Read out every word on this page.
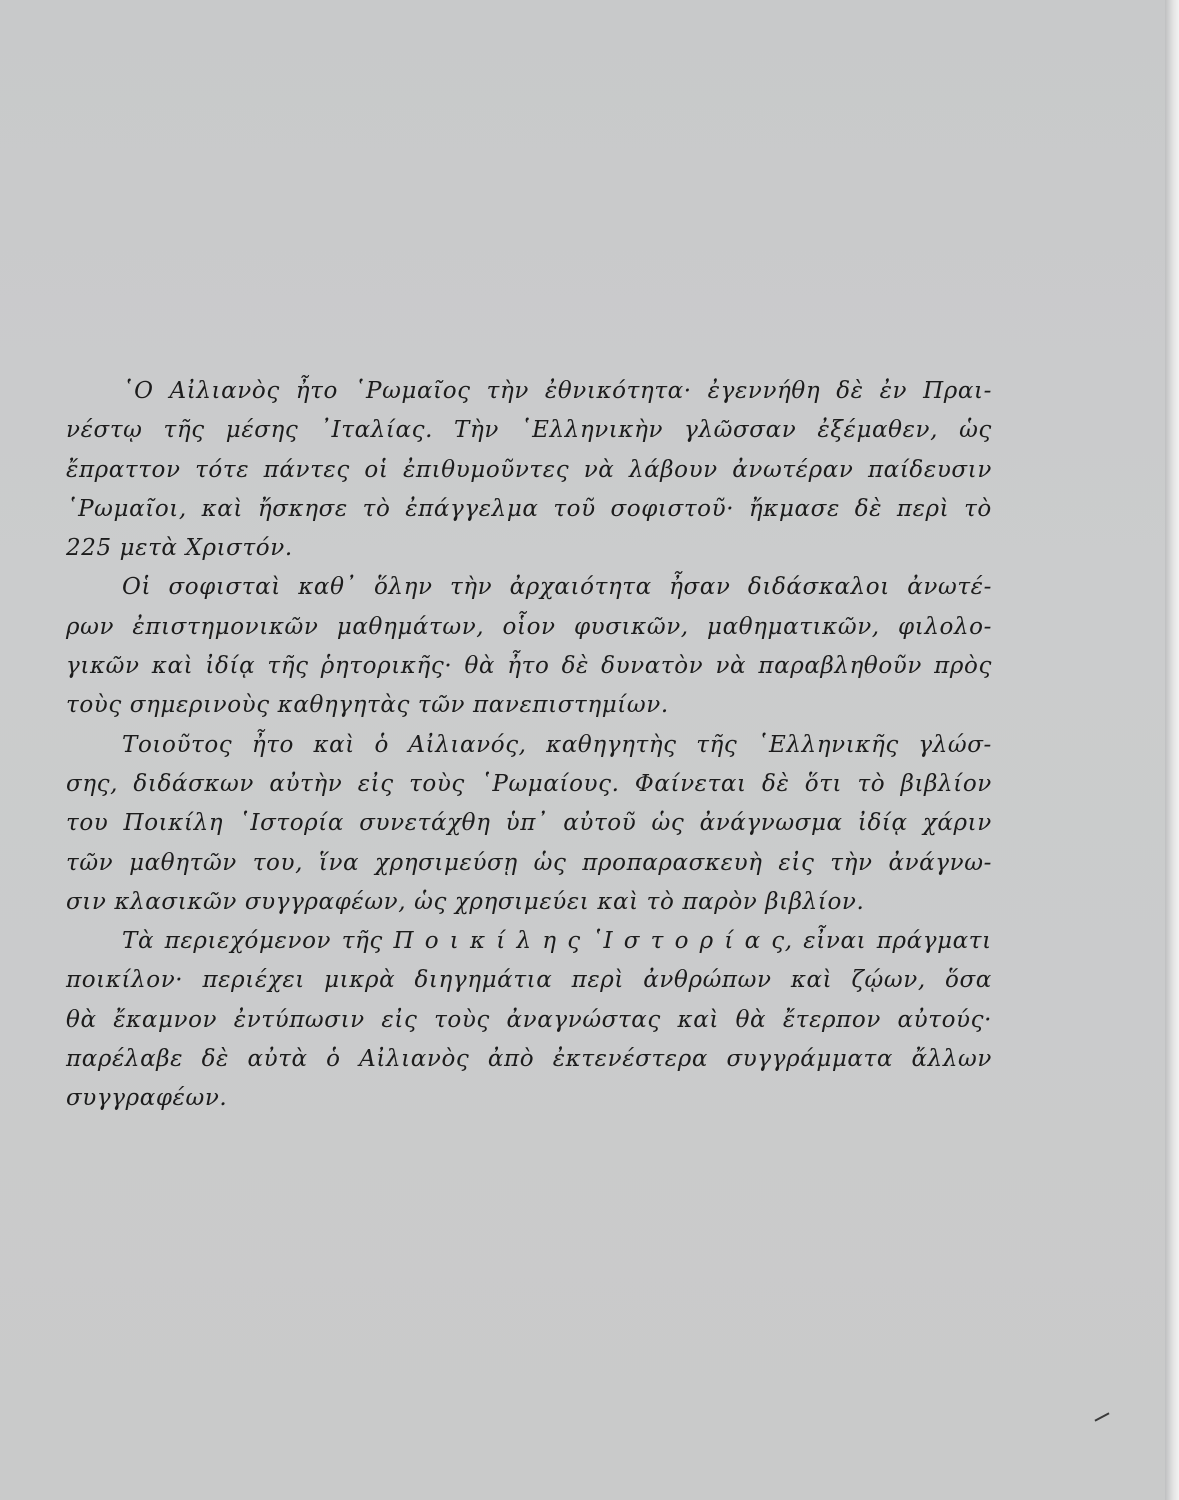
῾Ο Αἰλιανὸς ἦτο ῾Ρωμαῖος τὴν ἐθνικότητα· ἐγεννήθη δὲ ἐν Πραι-
νέστῳ τῆς μέσης ᾿Ιταλίας. Τὴν ῾Ελληνικὴν γλῶσσαν ἐξέμαθεν, ὡς
ἔπραττον τότε πάντες οἱ ἐπιθυμοῦντες νὰ λάβουν ἀνωτέραν παίδευσιν
῾Ρωμαῖοι, καὶ ἤσκησε τὸ ἐπάγγελμα τοῦ σοφιστοῦ· ἤκμασε δὲ περὶ τὸ
225 μετὰ Χριστόν.
Οἱ σοφισταὶ καθ᾿ ὅλην τὴν ἀρχαιότητα ἦσαν διδάσκαλοι ἀνωτέ-
ρων ἐπιστημονικῶν μαθημάτων, οἷον φυσικῶν, μαθηματικῶν, φιλολο-
γικῶν καὶ ἰδίᾳ τῆς ῥητορικῆς· θὰ ἦτο δὲ δυνατὸν νὰ παραβληθοῦν πρὸς
τοὺς σημερινοὺς καθηγητὰς τῶν πανεπιστημίων.
Τοιοῦτος ἦτο καὶ ὁ Αἰλιανός, καθηγητὴς τῆς ῾Ελληνικῆς γλώσ-
σης, διδάσκων αὐτὴν εἰς τοὺς ῾Ρωμαίους. Φαίνεται δὲ ὅτι τὸ βιβλίον
του Ποικίλη ῾Ιστορία συνετάχθη ὑπ᾿ αὐτοῦ ὡς ἀνάγνωσμα ἰδίᾳ χάριν
τῶν μαθητῶν του, ἵνα χρησιμεύσῃ ὡς προπαρασκευὴ εἰς τὴν ἀνάγνω-
σιν κλασικῶν συγγραφέων, ὡς χρησιμεύει καὶ τὸ παρὸν βιβλίον.
Τὰ περιεχόμενον τῆς Π ο ι κ ί λ η ς ῾Ι σ τ ο ρ ί α ς, εἶναι πράγματι
ποικίλον· περιέχει μικρὰ διηγημάτια περὶ ἀνθρώπων καὶ ζῴων, ὅσα
θὰ ἔκαμνον ἐντύπωσιν εἰς τοὺς ἀναγνώστας καὶ θὰ ἔτερπον αὐτούς·
παρέλαβε δὲ αὐτὰ ὁ Αἰλιανὸς ἀπὸ ἐκτενέστερα συγγράμματα ἄλλων
συγγραφέων.
